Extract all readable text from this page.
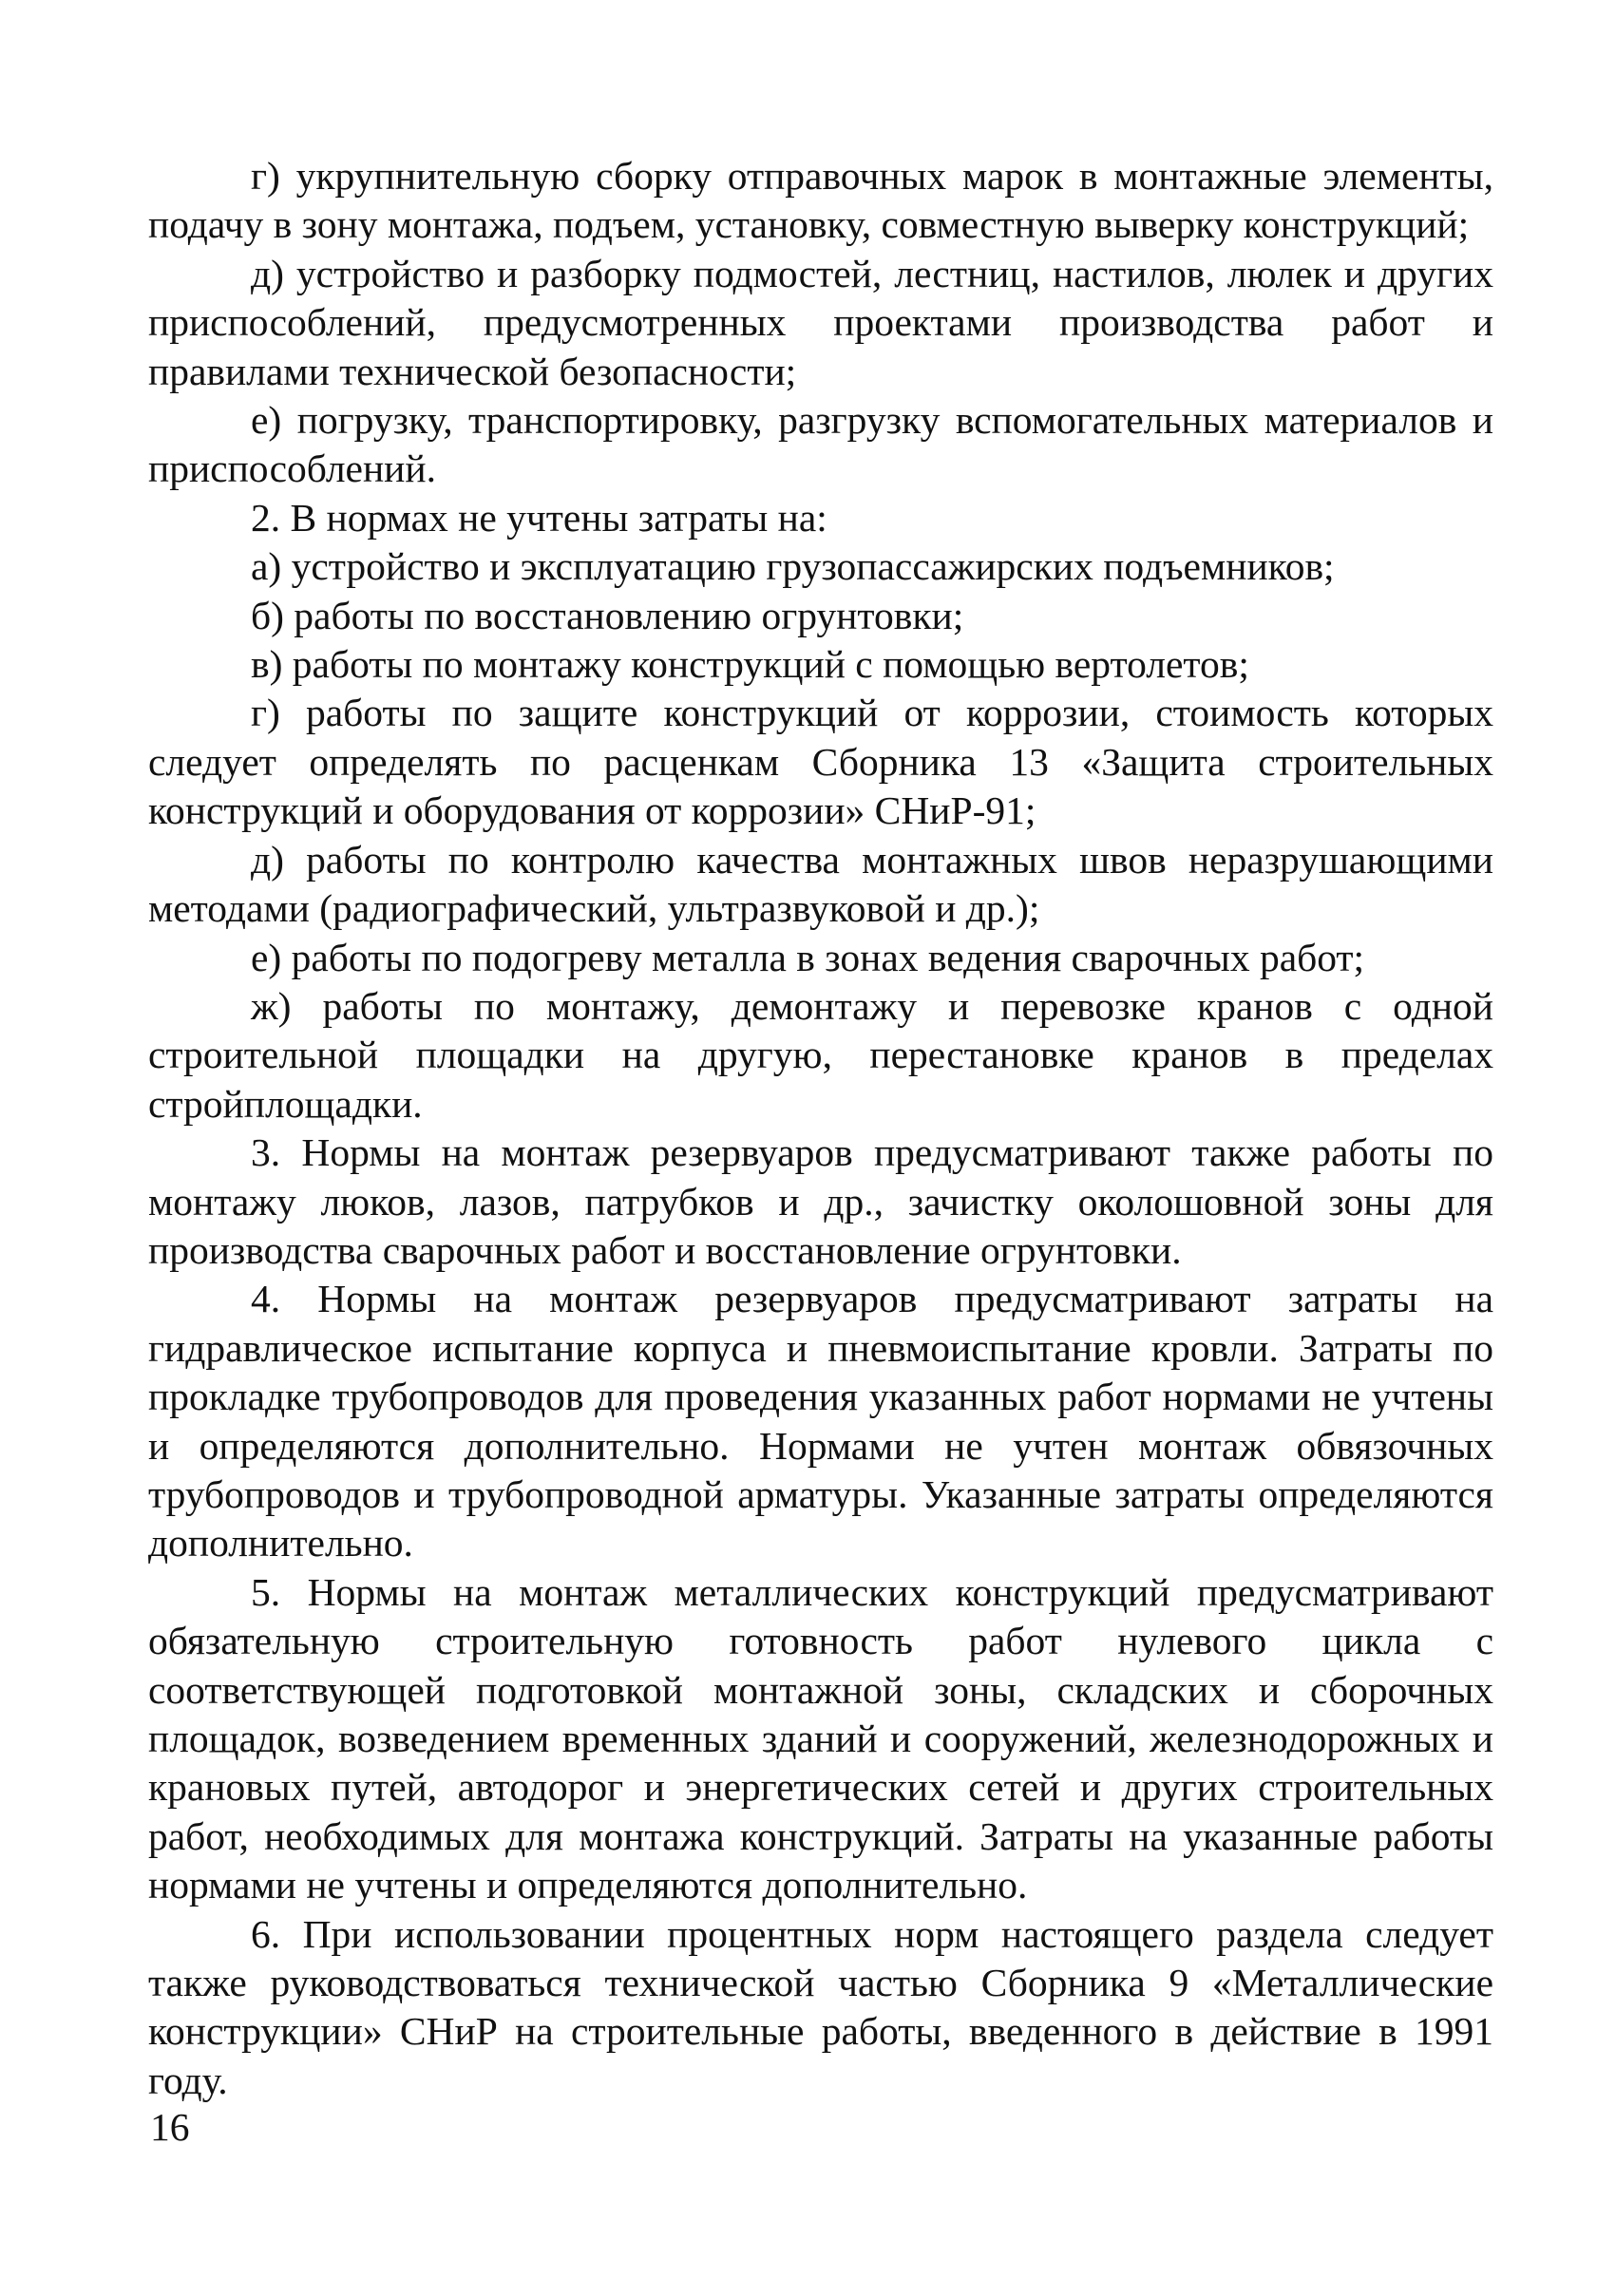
г) укрупнительную сборку отправочных марок в монтажные элементы, подачу в зону монтажа, подъем, установку, совместную выверку конструкций;

д) устройство и разборку подмостей, лестниц, настилов, люлек и других приспособлений, предусмотренных проектами производства работ и правилами технической безопасности;

е) погрузку, транспортировку, разгрузку вспомогательных материалов и приспособлений.

2. В нормах не учтены затраты на:

а) устройство и эксплуатацию грузопассажирских подъемников;

б) работы по восстановлению огрунтовки;

в) работы по монтажу конструкций с помощью вертолетов;

г) работы по защите конструкций от коррозии, стоимость которых следует определять по расценкам Сборника 13 «Защита строительных конструкций и оборудования от коррозии» СНиР-91;

д) работы по контролю качества монтажных швов неразрушающими методами (радиографический, ультразвуковой и др.);

е) работы по подогреву металла в зонах ведения сварочных работ;

ж) работы по монтажу, демонтажу и перевозке кранов с одной строительной площадки на другую, перестановке кранов в пределах стройплощадки.

3. Нормы на монтаж резервуаров предусматривают также работы по монтажу люков, лазов, патрубков и др., зачистку околошовной зоны для производства сварочных работ и восстановление огрунтовки.

4. Нормы на монтаж резервуаров предусматривают затраты на гидравлическое испытание корпуса и пневмоиспытание кровли. Затраты по прокладке трубопроводов для проведения указанных работ нормами не учтены и определяются дополнительно. Нормами не учтен монтаж обвязочных трубопроводов и трубопроводной арматуры. Указанные затраты определяются дополнительно.

5. Нормы на монтаж металлических конструкций предусматривают обязательную строительную готовность работ нулевого цикла с соответствующей подготовкой монтажной зоны, складских и сборочных площадок, возведением временных зданий и сооружений, железнодорожных и крановых путей, автодорог и энергетических сетей и других строительных работ, необходимых для монтажа конструкций. Затраты на указанные работы нормами не учтены и определяются дополнительно.

6. При использовании процентных норм настоящего раздела следует также руководствоваться технической частью Сборника 9 «Металлические конструкции» СНиР на строительные работы, введенного в действие в 1991 году.

16
